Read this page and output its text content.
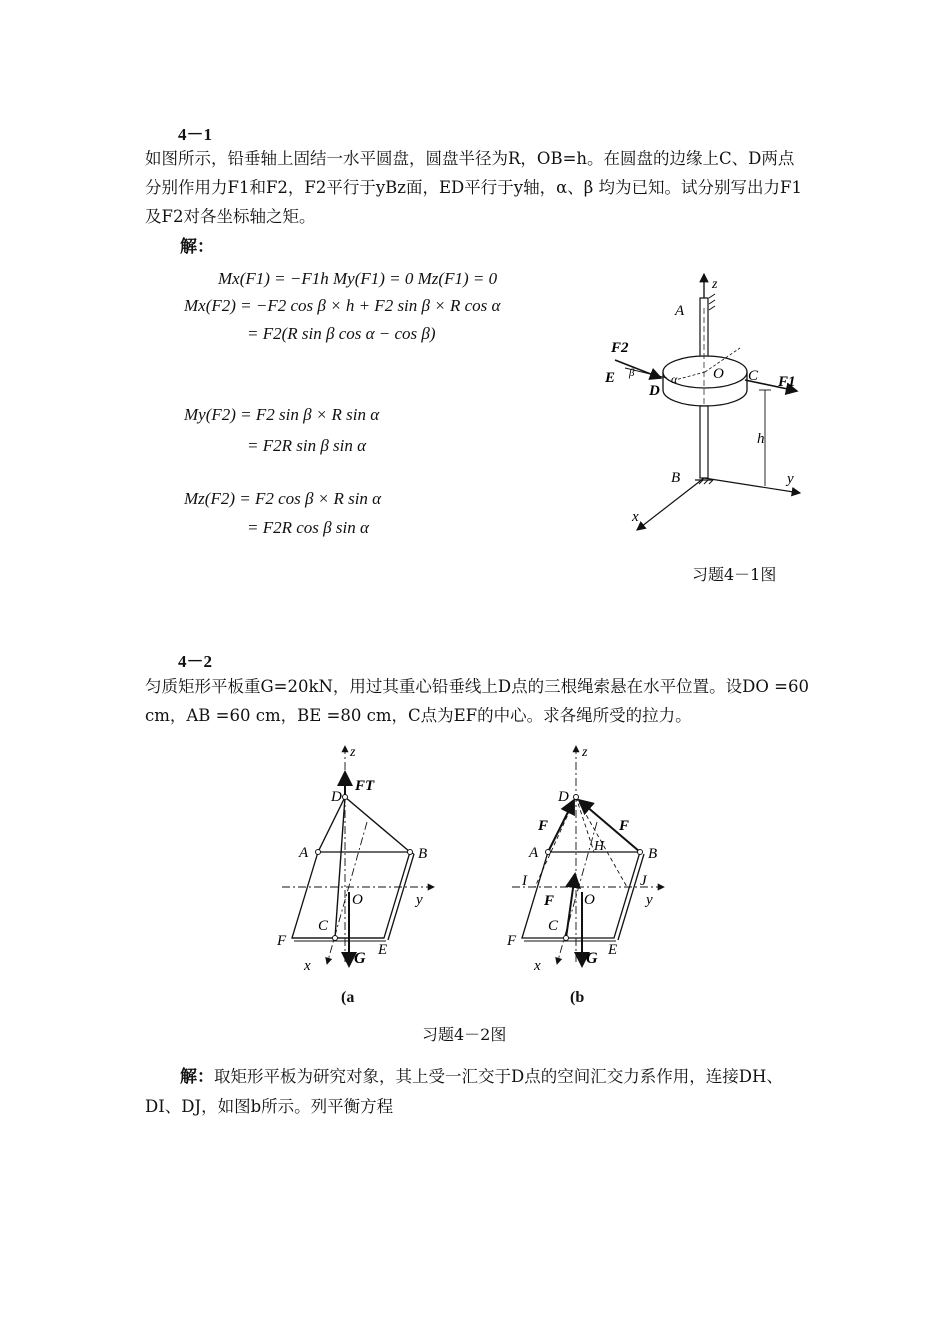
4－1
如图所示，铅垂轴上固结一水平圆盘，圆盘半径为R，OB=h。在圆盘的边缘上C、D两点分别作用力F1和F2，F2平行于yBz面，ED平行于y轴，α、β 均为已知。试分别写出力F1及F2对各坐标轴之矩。
解：
Mx(F1) = −F1h My(F1) = 0 Mz(F1) = 0
Mx(F2) = −F2 cos β × h + F2 sin β × R cos α
= F2(R sin β cos α − cos β)
My(F2) = F2 sin β × R sin α
= F2R sin β sin α
Mz(F2) = F2 cos β × R sin α
= F2R cos β sin α
z
A
F2
E β
D
α O C F1
h
B	y
x
习题4－1图
4－2
匀质矩形平板重G=20kN，用过其重心铅垂线上D点的三根绳索悬在水平位置。设DO =60 cm，AB =60 cm，BE =80 cm，C点为EF的中心。求各绳所受的拉力。
z
FT
D
A	B
O	y
C
F
E
x	G
z
D
F	F
A	H	B
I	J
F O	y
C
F
E
x	G
(a	(b
习题4－2图
解：取矩形平板为研究对象，其上受一汇交于D点的空间汇交力系作用，连接DH、DI、DJ，如图b所示。列平衡方程
